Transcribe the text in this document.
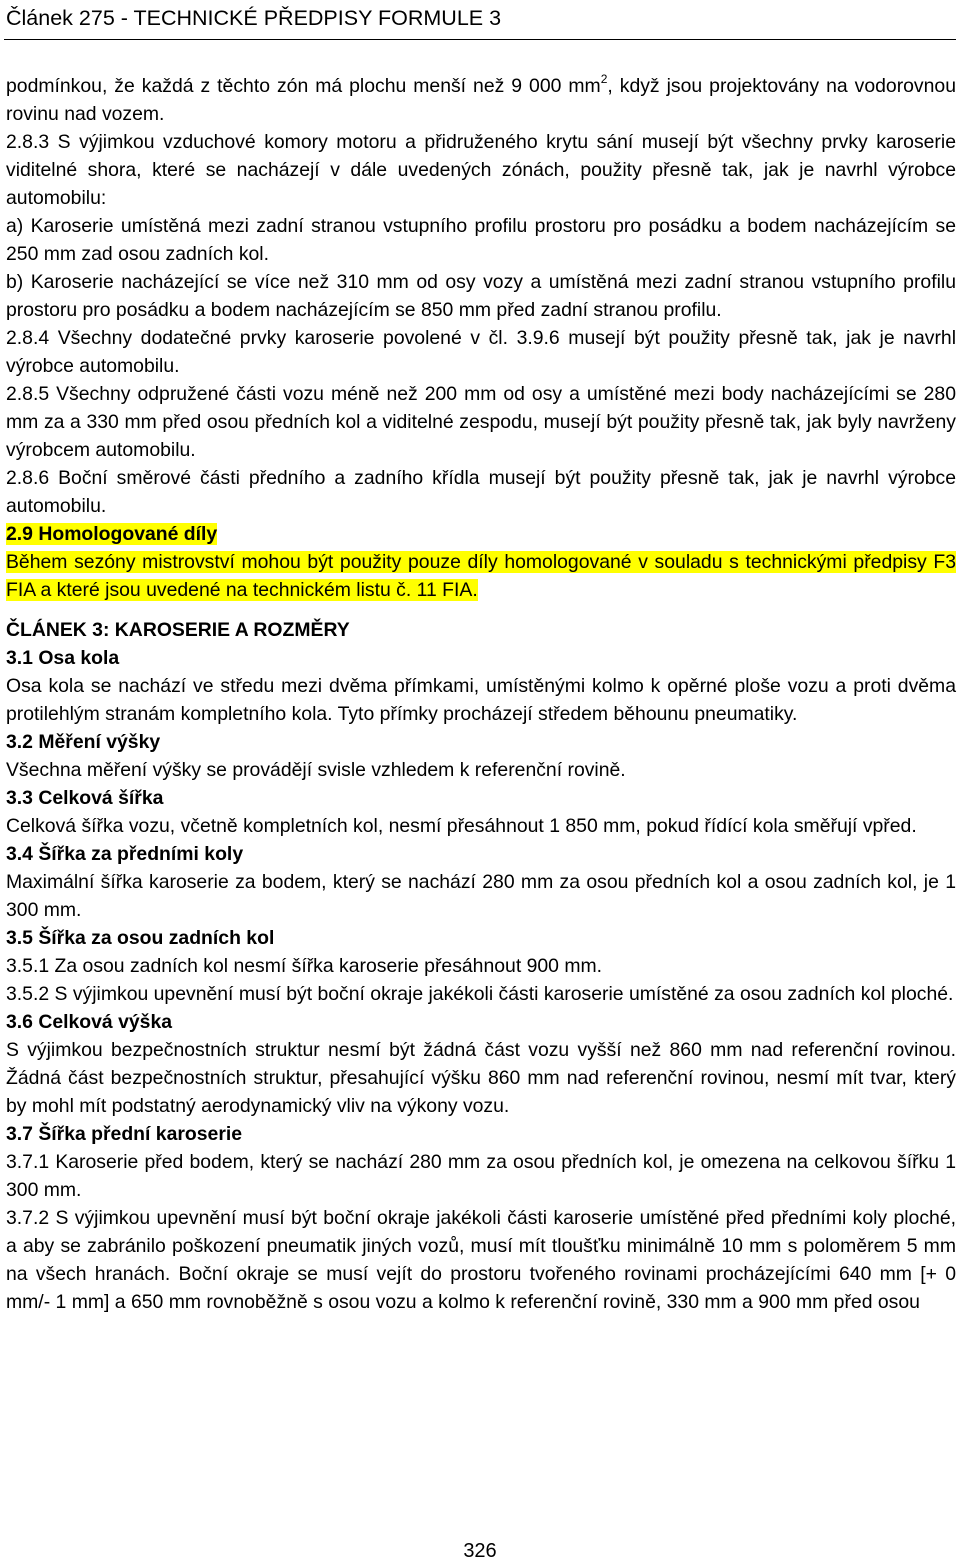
Článek 275 - TECHNICKÉ PŘEDPISY FORMULE 3

podmínkou, že každá z těchto zón má plochu menší než 9 000 $mm^2$, když jsou projektovány na vodorovnou rovinu nad vozem.

2.8.3 S výjimkou vzduchové komory motoru a přidruženého krytu sání musejí být všechny prvky karoserie viditelné shora, které se nacházejí v dále uvedených zónách, použity přesně tak, jak je navrhl výrobce automobilu:

a) Karoserie umístěná mezi zadní stranou vstupního profilu prostoru pro posádku a bodem nacházejícím se 250 mm zad osou zadních kol.

b) Karoserie nacházející se více než 310 mm od osy vozy a umístěná mezi zadní stranou vstupního profilu prostoru pro posádku a bodem nacházejícím se 850 mm před zadní stranou profilu.

2.8.4 Všechny dodatečné prvky karoserie povolené v čl. 3.9.6 musejí být použity přesně tak, jak je navrhl výrobce automobilu.

2.8.5 Všechny odpružené části vozu méně než 200 mm od osy a umístěné mezi body nacházejícími se 280 mm za a 330 mm před osou předních kol a viditelné zespodu, musejí být použity přesně tak, jak byly navrženy výrobcem automobilu.

2.8.6 Boční směrové části předního a zadního křídla musejí být použity přesně tak, jak je navrhl výrobce automobilu.

2.9 Homologované díly

Během sezóny mistrovství mohou být použity pouze díly homologované v souladu s technickými předpisy F3 FIA a které jsou uvedené na technickém listu č. 11 FIA.

ČLÁNEK 3: KAROSERIE A ROZMĚRY

3.1 Osa kola

Osa kola se nachází ve středu mezi dvěma přímkami, umístěnými kolmo k opěrné ploše vozu a proti dvěma protilehlým stranám kompletního kola. Tyto přímky procházejí středem běhounu pneumatiky.

3.2 Měření výšky

Všechna měření výšky se provádějí svisle vzhledem k referenční rovině.

3.3 Celková šířka

Celková šířka vozu, včetně kompletních kol, nesmí přesáhnout 1 850 mm, pokud řídící kola směřují vpřed.

3.4 Šířka za předními koly

Maximální šířka karoserie za bodem, který se nachází 280 mm za osou předních kol a osou zadních kol, je 1 300 mm.

3.5 Šířka za osou zadních kol

3.5.1 Za osou zadních kol nesmí šířka karoserie přesáhnout 900 mm.

3.5.2 S výjimkou upevnění musí být boční okraje jakékoli části karoserie umístěné za osou zadních kol ploché.

3.6 Celková výška

S výjimkou bezpečnostních struktur nesmí být žádná část vozu vyšší než 860 mm nad referenční rovinou. Žádná část bezpečnostních struktur, přesahující výšku 860 mm nad referenční rovinou, nesmí mít tvar, který by mohl mít podstatný aerodynamický vliv na výkony vozu.

3.7 Šířka přední karoserie

3.7.1 Karoserie před bodem, který se nachází 280 mm za osou předních kol, je omezena na celkovou šířku 1 300 mm.

3.7.2 S výjimkou upevnění musí být boční okraje jakékoli části karoserie umístěné před předními koly ploché, a aby se zabránilo poškození pneumatik jiných vozů, musí mít tloušťku minimálně 10 mm s poloměrem 5 mm na všech hranách. Boční okraje se musí vejít do prostoru tvořeného rovinami procházejícími 640 mm [+ 0 mm/- 1 mm] a 650 mm rovnoběžně s osou vozu a kolmo k referenční rovině, 330 mm a 900 mm před osou

326
